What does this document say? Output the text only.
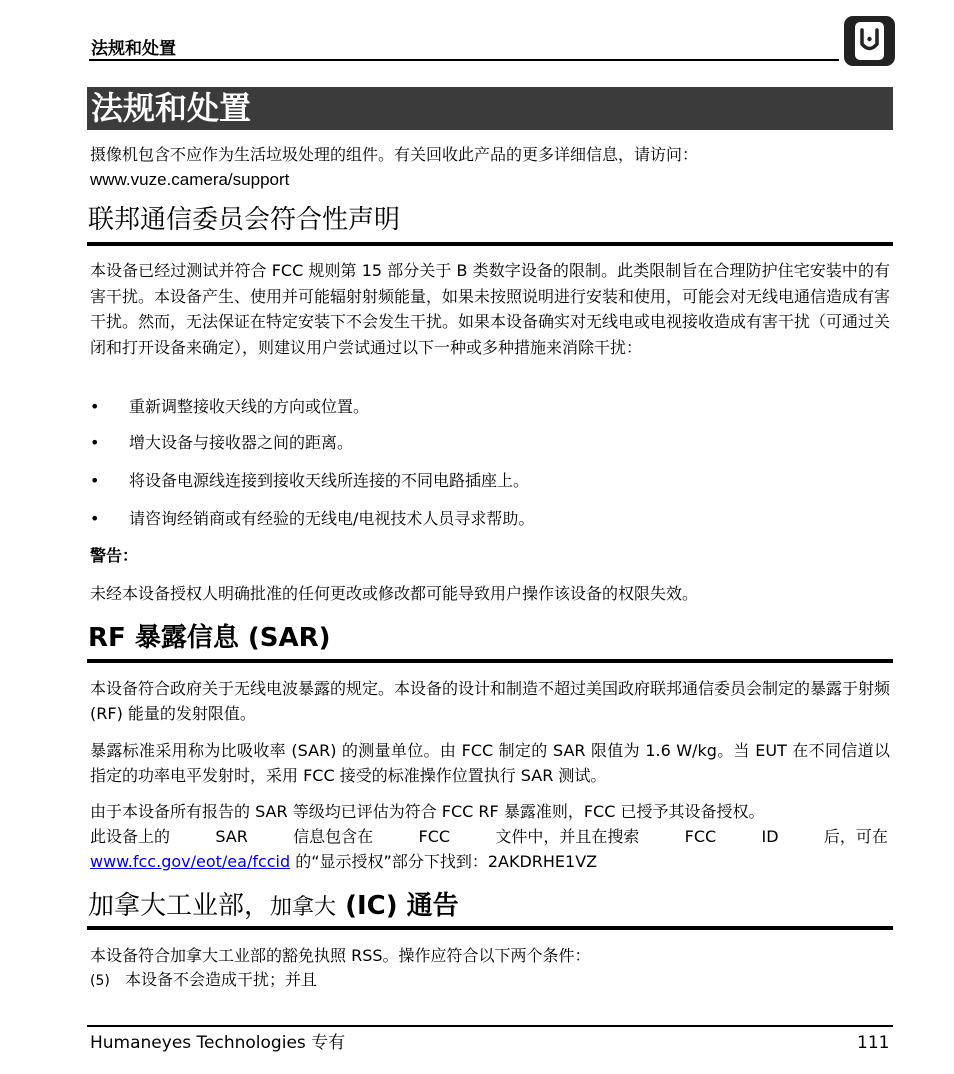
法规和处置
法规和处置
摄像机包含不应作为生活垃圾处理的组件。有关回收此产品的更多详细信息，请访问：
www.vuze.camera/support
联邦通信委员会符合性声明
本设备已经过测试并符合 FCC 规则第 15 部分关于 B 类数字设备的限制。此类限制旨在合理防护住宅安装中的有害干扰。本设备产生、使用并可能辐射射频能量，如果未按照说明进行安装和使用，可能会对无线电通信造成有害干扰。然而，无法保证在特定安装下不会发生干扰。如果本设备确实对无线电或电视接收造成有害干扰（可通过关闭和打开设备来确定），则建议用户尝试通过以下一种或多种措施来消除干扰：
• 重新调整接收天线的方向或位置。
• 增大设备与接收器之间的距离。
• 将设备电源线连接到接收天线所连接的不同电路插座上。
• 请咨询经销商或有经验的无线电/电视技术人员寻求帮助。
警告：
未经本设备授权人明确批准的任何更改或修改都可能导致用户操作该设备的权限失效。
RF 暴露信息 (SAR)
本设备符合政府关于无线电波暴露的规定。本设备的设计和制造不超过美国政府联邦通信委员会制定的暴露于射频 (RF) 能量的发射限值。
暴露标准采用称为比吸收率 (SAR) 的测量单位。由 FCC 制定的 SAR 限值为 1.6 W/kg。当 EUT 在不同信道以指定的功率电平发射时，采用 FCC 接受的标准操作位置执行 SAR 测试。
由于本设备所有报告的 SAR 等级均已评估为符合 FCC RF 暴露准则，FCC 已授予其设备授权。
此设备上的	SAR	信息包含在	FCC	文件中，并且在搜索	FCC	ID	后，可在
www.fcc.gov/eot/ea/fccid 的“显示授权”部分下找到：2AKDRHE1VZ
加拿大工业部，加拿大 (IC) 通告
本设备符合加拿大工业部的豁免执照 RSS。操作应符合以下两个条件：
(5) 本设备不会造成干扰；并且
Humaneyes Technologies 专有	111
